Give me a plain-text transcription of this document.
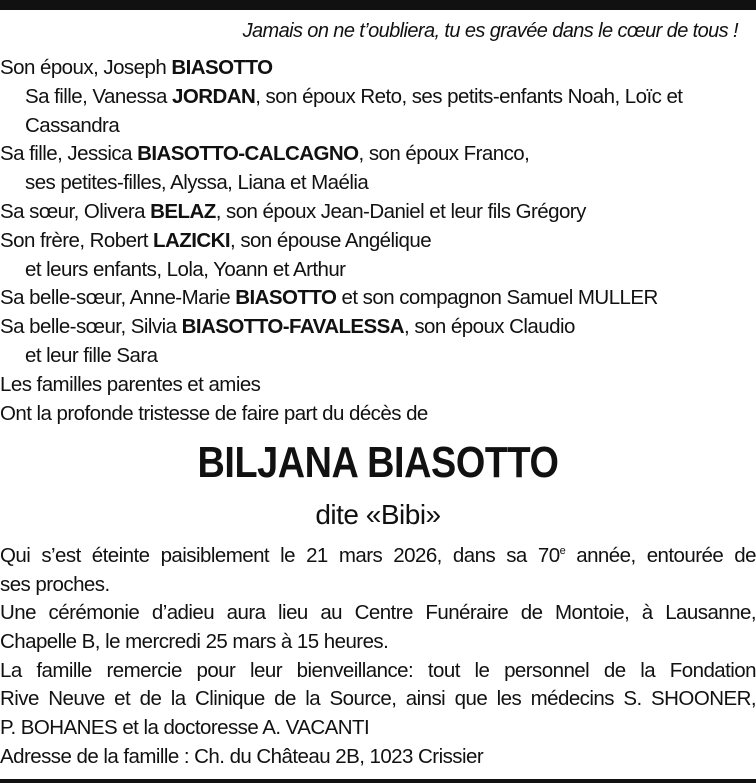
Jamais on ne t’oubliera, tu es gravée dans le cœur de tous !
Son époux, Joseph BIASOTTO
Sa fille, Vanessa JORDAN, son époux Reto, ses petits-enfants Noah, Loïc et
Cassandra
Sa fille, Jessica BIASOTTO-CALCAGNO, son époux Franco,
ses petites-filles, Alyssa, Liana et Maélia
Sa sœur, Olivera BELAZ, son époux Jean-Daniel et leur fils Grégory
Son frère, Robert LAZICKI, son épouse Angélique
et leurs enfants, Lola, Yoann et Arthur
Sa belle-sœur, Anne-Marie BIASOTTO et son compagnon Samuel MULLER
Sa belle-sœur, Silvia BIASOTTO-FAVALESSA, son époux Claudio
et leur fille Sara
Les familles parentes et amies
Ont la profonde tristesse de faire part du décès de
BILJANA BIASOTTO
dite «Bibi»
Qui s’est éteinte paisiblement le 21 mars 2026, dans sa 70e année, entourée de
ses proches.
Une cérémonie d’adieu aura lieu au Centre Funéraire de Montoie, à Lausanne,
Chapelle B, le mercredi 25 mars à 15 heures.
La famille remercie pour leur bienveillance: tout le personnel de la Fondation
Rive Neuve et de la Clinique de la Source, ainsi que les médecins S. SHOONER,
P. BOHANES et la doctoresse A. VACANTI
Adresse de la famille : Ch. du Château 2B, 1023 Crissier
